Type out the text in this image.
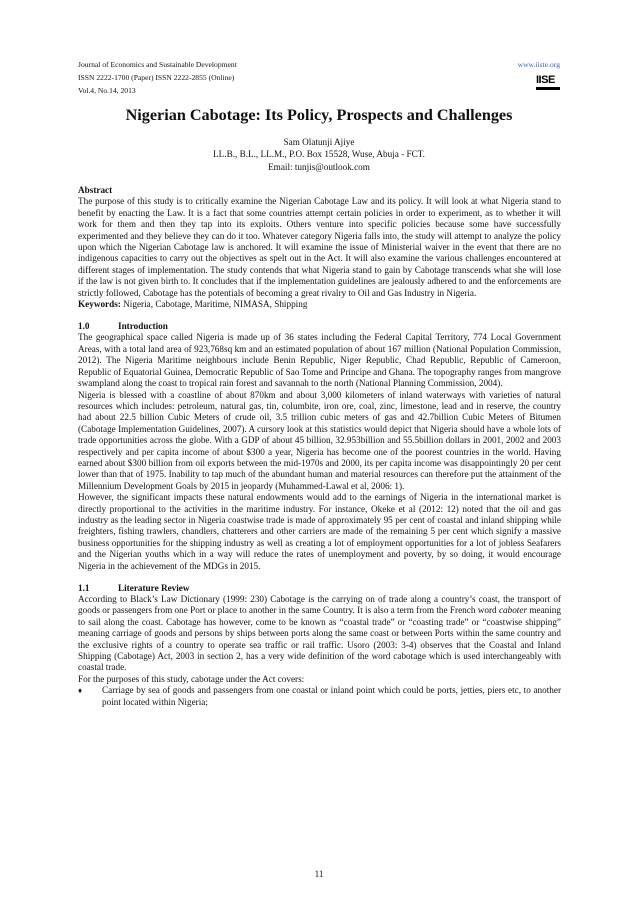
Journal of Economics and Sustainable Development
ISSN 2222-1700 (Paper) ISSN 2222-2855 (Online)
Vol.4, No.14, 2013
www.iiste.org
IISE
Nigerian Cabotage: Its Policy, Prospects and Challenges
Sam Olatunji Ajiye
LL.B., B.L., LL.M., P.O. Box 15528, Wuse, Abuja - FCT.
Email: tunjis@outlook.com

Abstract

The purpose of this study is to critically examine the Nigerian Cabotage Law and its policy. It will look at what Nigeria stand to benefit by enacting the Law. It is a fact that some countries attempt certain policies in order to experiment, as to whether it will work for them and then they tap into its exploits. Others venture into specific policies because some have successfully experimented and they believe they can do it too. Whatever category Nigeria falls into, the study will attempt to analyze the policy upon which the Nigerian Cabotage law is anchored. It will examine the issue of Ministerial waiver in the event that there are no indigenous capacities to carry out the objectives as spelt out in the Act. It will also examine the various challenges encountered at different stages of implementation. The study contends that what Nigeria stand to gain by Cabotage transcends what she will lose if the law is not given birth to. It concludes that if the implementation guidelines are jealously adhered to and the enforcements are strictly followed, Cabotage has the potentials of becoming a great rivalry to Oil and Gas Industry in Nigeria.

Keywords: Nigeria, Cabotage, Maritime, NIMASA, Shipping

1.0	Introduction

The geographical space called Nigeria is made up of 36 states including the Federal Capital Territory, 774 Local Government Areas, with a total land area of 923,768sq km and an estimated population of about 167 million (National Population Commission, 2012). The Nigeria Maritime neighbours include Benin Republic, Niger Republic, Chad Republic, Republic of Cameroon, Republic of Equatorial Guinea, Democratic Republic of Sao Tome and Principe and Ghana. The topography ranges from mangrove swampland along the coast to tropical rain forest and savannah to the north (National Planning Commission, 2004).

Nigeria is blessed with a coastline of about 870km and about 3,000 kilometers of inland waterways with varieties of natural resources which includes: petroleum, natural gas, tin, columbite, iron ore, coal, zinc, limestone, lead and in reserve, the country had about 22.5 billion Cubic Meters of crude oil, 3.5 trillion cubic meters of gas and 42.7billion Cubic Meters of Bitumen (Cabotage Implementation Guidelines, 2007). A cursory look at this statistics would depict that Nigeria should have a whole lots of trade opportunities across the globe. With a GDP of about 45 billion, 32.953billion and 55.5billion dollars in 2001, 2002 and 2003 respectively and per capita income of about $300 a year, Nigeria has become one of the poorest countries in the world. Having earned about $300 billion from oil exports between the mid-1970s and 2000, its per capita income was disappointingly 20 per cent lower than that of 1975. Inability to tap much of the abundant human and material resources can therefore put the attainment of the Millennium Development Goals by 2015 in jeopardy (Muhammed-Lawal et al, 2006: 1).

However, the significant impacts these natural endowments would add to the earnings of Nigeria in the international market is directly proportional to the activities in the maritime industry. For instance, Okeke et al (2012: 12) noted that the oil and gas industry as the leading sector in Nigeria coastwise trade is made of approximately 95 per cent of coastal and inland shipping while freighters, fishing trawlers, chandlers, chatterers and other carriers are made of the remaining 5 per cent which signify a massive business opportunities for the shipping industry as well as creating a lot of employment opportunities for a lot of jobless Seafarers and the Nigerian youths which in a way will reduce the rates of unemployment and poverty, by so doing, it would encourage Nigeria in the achievement of the MDGs in 2015.

1.1	Literature Review

According to Black’s Law Dictionary (1999: 230) Cabotage is the carrying on of trade along a country’s coast, the transport of goods or passengers from one Port or place to another in the same Country. It is also a term from the French word caboter meaning to sail along the coast. Cabotage has however, come to be known as “coastal trade” or “coasting trade” or “coastwise shipping” meaning carriage of goods and persons by ships between ports along the same coast or between Ports within the same country and the exclusive rights of a country to operate sea traffic or rail traffic. Usoro (2003: 3-4) observes that the Coastal and Inland Shipping (Cabotage) Act, 2003 in section 2, has a very wide definition of the word cabotage which is used interchangeably with coastal trade.

For the purposes of this study, cabotage under the Act covers:

♦	Carriage by sea of goods and passengers from one coastal or inland point which could be ports, jetties, piers etc, to another point located within Nigeria;
11
